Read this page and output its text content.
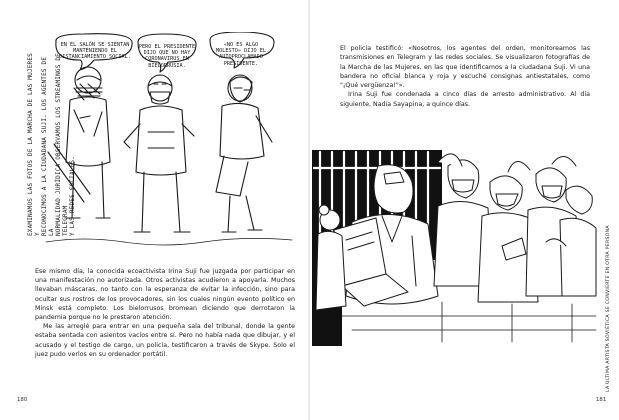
EXAMINAMOS LAS FOTOS DE LA MARCHA DE LAS MUJERES Y RECONOCIMOS A LA CIUDADANA SUJI. LOS AGENTES DE LA NORMALIDAD JURÍDICA OBSERVAMOS LOS STREAMINGS DE TELEGRAM Y LAS REDES SOCIALES.

EN EL SALÓN SE SIENTAN MANTENIENDO EL DISTANCIAMIENTO SOCIAL.
PERO EL PRESIDENTE DIJO QUE NO HAY CORONAVIRUS EN BIELORRUSIA.
«NO ES ALGO MOLESTO» DIJO EL AUTOPROCLAMADO PRESIDENTE.

Ese mismo día, la conocida ecoactivista Irina Suji fue juzgada por participar en una manifestación no autorizada. Otros activistas acudieron a apoyarla. Muchos llevaban máscaras, no tanto con la esperanza de evitar la infección, sino para ocultar sus rostros de los provocadores, sin los cuales ningún evento político en Minsk está completo. Los bielorrusos bromean diciendo que derrotaron la pandemia porque no le prestaron atención.

Me las arreglé para entrar en una pequeña sala del tribunal, donde la gente estaba sentada con asientos vacíos entre sí. Pero no había nada que dibujar, y el acusado y el testigo de cargo, un policía, testificaron a través de Skype. Solo el juez pudo verlos en su ordenador portátil.

180

El policía testificó: «Nosotros, los agentes del orden, monitoreamos las transmisiones en Telegram y las redes sociales. Se visualizaron fotografías de la Marcha de las Mujeres, en las que identificamos a la ciudadana Suji. Vi una bandera no oficial blanca y roja y escuché consignas antiestatales, como "¡Qué vergüenza!"».

Irina Suji fue condenada a cinco días de arresto administrativo. Al día siguiente, Nadia Sayapina, a quince días.

LA ÚLTIMA ARTISTA SOVIÉTICA SE CONVIERTE EN OTRA PERSONA
181
